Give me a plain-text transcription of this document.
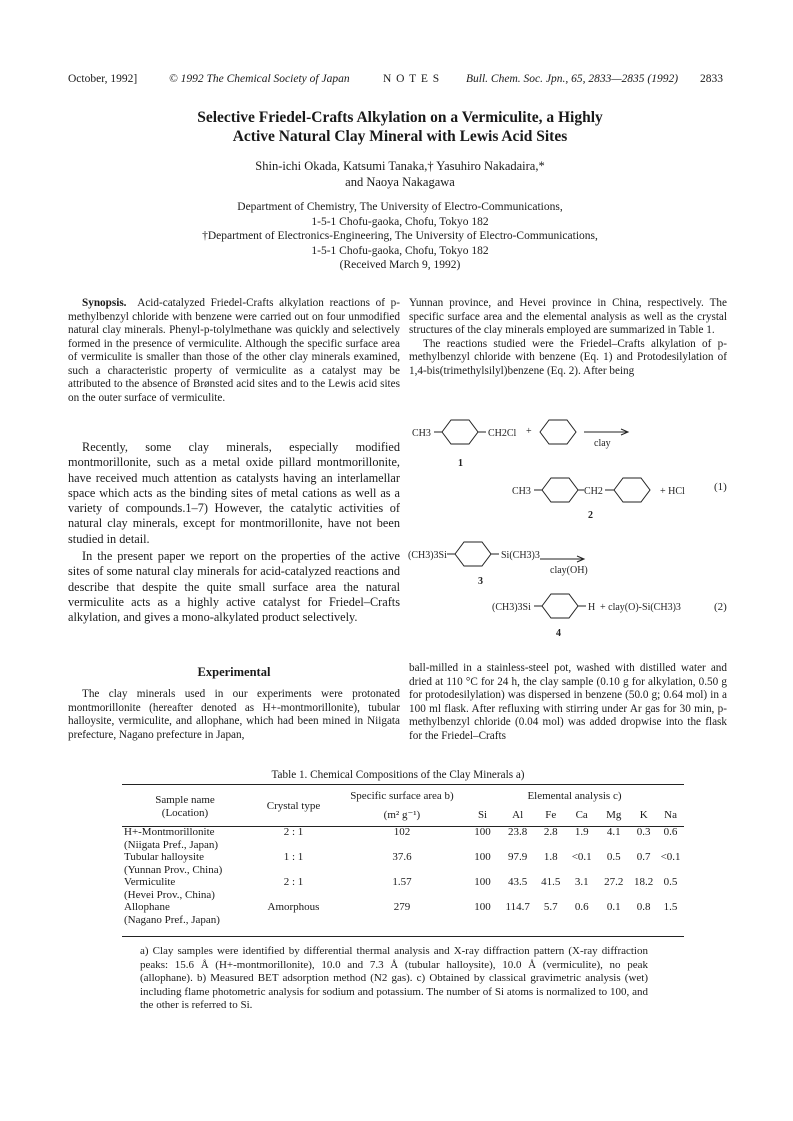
October, 1992]	© 1992 The Chemical Society of Japan	N O T E S Bull. Chem. Soc. Jpn., 65, 2833—2835 (1992) 2833
Selective Friedel-Crafts Alkylation on a Vermiculite, a Highly
Active Natural Clay Mineral with Lewis Acid Sites
Shin-ichi Okada, Katsumi Tanaka,† Yasuhiro Nakadaira,*
and Naoya Nakagawa
Department of Chemistry, The University of Electro-Communications,
1-5-1 Chofu-gaoka, Chofu, Tokyo 182
†Department of Electronics-Engineering, The University of Electro-Communications,
1-5-1 Chofu-gaoka, Chofu, Tokyo 182
(Received March 9, 1992)

Synopsis. Acid-catalyzed Friedel-Crafts alkylation reactions of p-methylbenzyl chloride with benzene were carried out on four unmodified natural clay minerals. Phenyl-p-tolylmethane was quickly and selectively formed in the presence of vermiculite. Although the specific surface area of vermiculite is smaller than those of the other clay minerals examined, such a characteristic property of vermiculite as a catalyst may be attributed to the absence of Brønsted acid sites and to the Lewis acid sites on the outer surface of vermiculite.

Recently, some clay minerals, especially modified montmorillonite, such as a metal oxide pillard montmorillonite, have received much attention as catalysts having an interlamellar space which acts as the binding sites of metal cations as well as a variety of compounds.1–7) However, the catalytic activities of natural clay minerals, except for montmorillonite, have not been studied in detail.

In the present paper we report on the properties of the active sites of some natural clay minerals for acid-catalyzed reactions and describe that despite the quite small surface area the natural vermiculite acts as a highly active catalyst for Friedel–Crafts alkylation, and gives a mono-alkylated product selectively.

Experimental

The clay minerals used in our experiments were protonated montmorillonite (hereafter denoted as H+-montmorillonite), tubular halloysite, vermiculite, and allophane, which had been mined in Niigata prefecture, Nagano prefecture in Japan,

Yunnan province, and Hevei province in China, respectively. The specific surface area and the elemental analysis as well as the crystal structures of the clay minerals employed are summarized in Table 1.

The reactions studied were the Friedel–Crafts alkylation of p-methylbenzyl chloride with benzene (Eq. 1) and Protodesilylation of 1,4-bis(trimethylsilyl)benzene (Eq. 2). After being

CH3	CH2Cl +
clay
1
CH3	CH2	+ HCl	(1)
2
(CH3)3Si	Si(CH3)3
clay(OH)
3
(CH3)3Si	H + clay(O)-Si(CH3)3	(2)
4

ball-milled in a stainless-steel pot, washed with distilled water and dried at 110 °C for 24 h, the clay sample (0.10 g for alkylation, 0.50 g for protodesilylation) was dispersed in benzene (50.0 g; 0.64 mol) in a 100 ml flask. After refluxing with stirring under Ar gas for 30 min, p-methylbenzyl chloride (0.04 mol) was added dropwise into the flask for the Friedel–Crafts

Table 1. Chemical Compositions of the Clay Minerals a)
Sample name
(Location)	Crystal type	Specific surface area b)	Elemental analysis c)						
		(m² g⁻¹)	Si	Al	Fe	Ca	Mg	K	Na

H+-Montmorillonite
(Niigata Pref., Japan)	2 : 1	102	100	23.8	2.8	1.9	4.1	0.3	0.6

Tubular halloysite
(Yunnan Prov., China)	1 : 1	37.6	100	97.9	1.8	<0.1	0.5	0.7	<0.1

Vermiculite
(Hevei Prov., China)	2 : 1	1.57	100	43.5	41.5	3.1	27.2	18.2	0.5

Allophane
(Nagano Pref., Japan)	Amorphous	279	100	114.7	5.7	0.6	0.1	0.8	1.5
a) Clay samples were identified by differential thermal analysis and X-ray diffraction pattern (X-ray diffraction peaks: 15.6 Å (H+-montmorillonite), 10.0 and 7.3 Å (tubular halloysite), 10.0 Å (vermiculite), no peak (allophane). b) Measured BET adsorption method (N2 gas). c) Obtained by classical gravimetric analysis (wet) including flame photometric analysis for sodium and potassium. The number of Si atoms is normalized to 100, and the other is referred to Si.
